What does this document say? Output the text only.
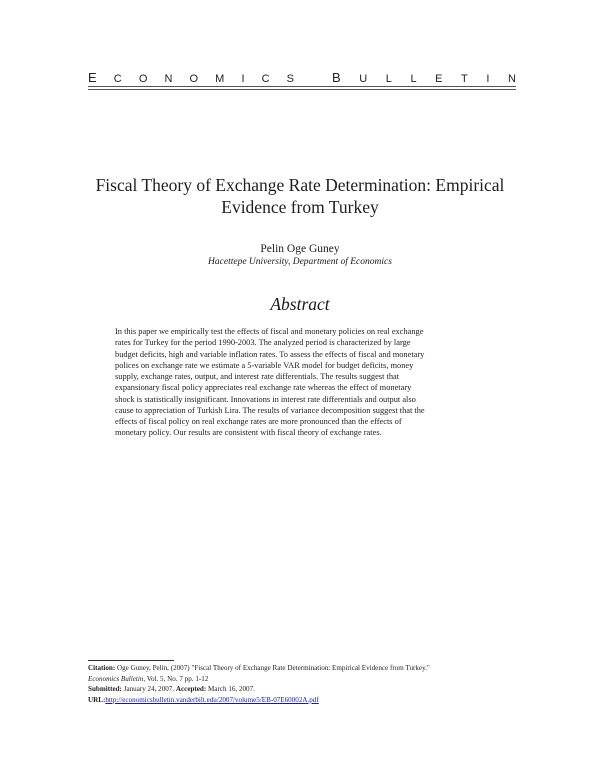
E C O N O M I C S	B U L L E T I N
Fiscal Theory of Exchange Rate Determination: Empirical
Evidence from Turkey
Pelin Oge Guney
Hacettepe University, Department of Economics
Abstract
In this paper we empirically test the effects of fiscal and monetary policies on real exchange
rates for Turkey for the period 1990-2003. The analyzed period is characterized by large
budget deficits, high and variable inflation rates. To assess the effects of fiscal and monetary
polices on exchange rate we estimate a 5-variable VAR model for budget deficits, money
supply, exchange rates, output, and interest rate differentials. The results suggest that
expansionary fiscal policy appreciates real exchange rate whereas the effect of monetary
shock is statistically insignificant. Innovations in interest rate differentials and output also
cause to appreciation of Turkish Lira. The results of variance decomposition suggest that the
effects of fiscal policy on real exchange rates are more pronounced than the effects of
monetary policy. Our results are consistent with fiscal theory of exchange rates.
Citation: Oge Guney, Pelin, (2007) "Fiscal Theory of Exchange Rate Determination: Empirical Evidence from Turkey."
Economics Bulletin, Vol. 5, No. 7 pp. 1-12
Submitted: January 24, 2007. Accepted: March 16, 2007.
URL:http://economicsbulletin.vanderbilt.edu/2007/volume5/EB-07E60002A.pdf
